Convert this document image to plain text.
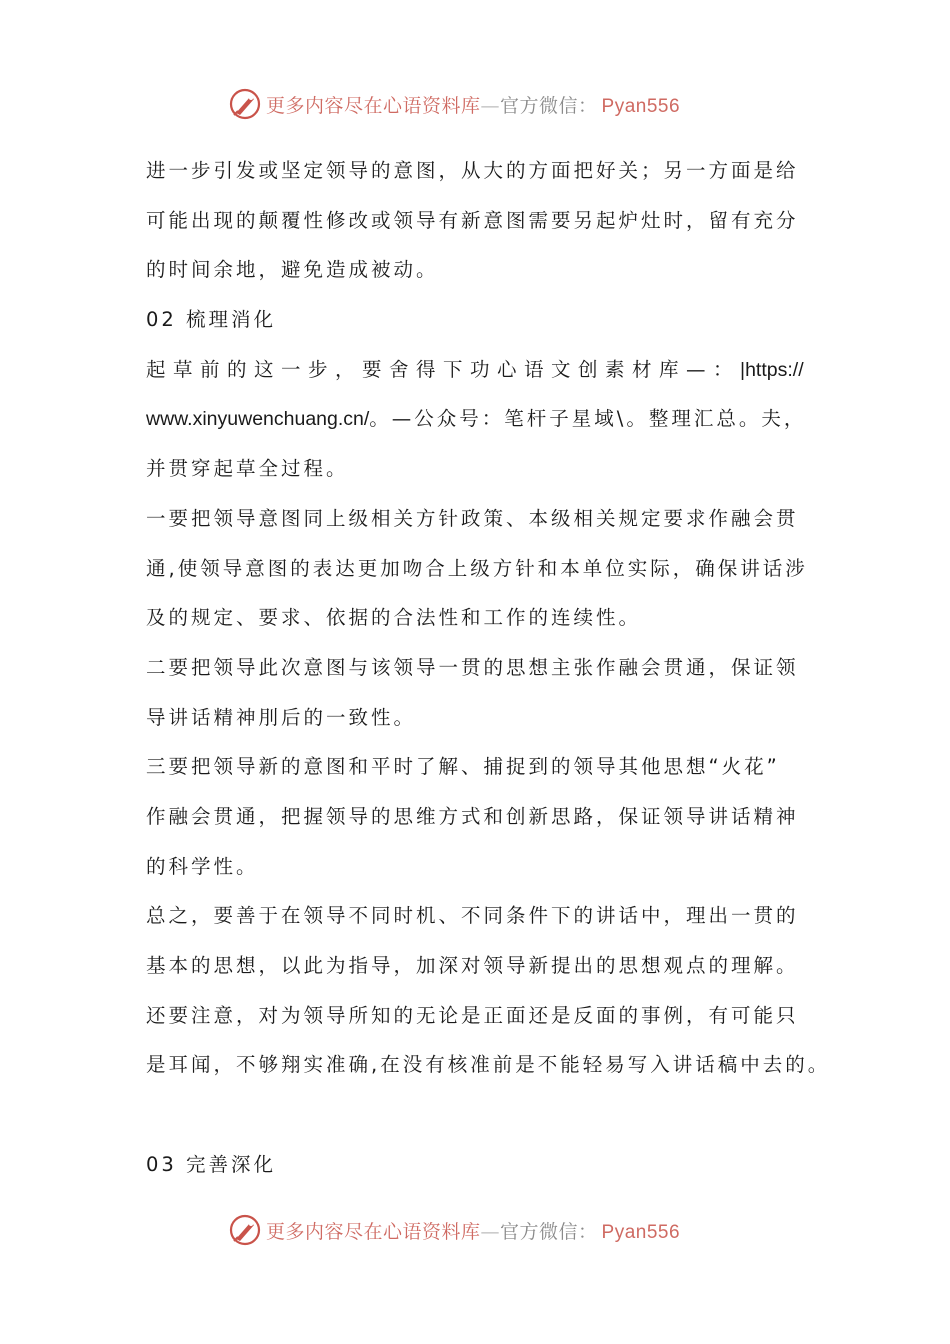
更多内容尽在心语资料库—官方微信： Pyan556
进一步引发或坚定领导的意图，从大的方面把好关；另一方面是给
可能出现的颠覆性修改或领导有新意图需要另起炉灶时，留有充分
的时间余地，避免造成被动。
02 梳理消化
起草前的这一步，要舍得下功心语文创素材库—：|https://
www.xinyuwenchuang.cn/。—公众号：笔杆子星域\。整理汇总。夫，
并贯穿起草全过程。
一要把领导意图同上级相关方针政策、本级相关规定要求作融会贯
通,使领导意图的表达更加吻合上级方针和本单位实际，确保讲话涉
及的规定、要求、依据的合法性和工作的连续性。
二要把领导此次意图与该领导一贯的思想主张作融会贯通，保证领
导讲话精神刖后的一致性。
三要把领导新的意图和平时了解、捕捉到的领导其他思想“火花”
作融会贯通，把握领导的思维方式和创新思路，保证领导讲话精神
的科学性。
总之，要善于在领导不同时机、不同条件下的讲话中，理出一贯的
基本的思想，以此为指导，加深对领导新提出的思想观点的理解。
还要注意，对为领导所知的无论是正面还是反面的事例，有可能只
是耳闻，不够翔实准确,在没有核准前是不能轻易写入讲话稿中去的。
03 完善深化
更多内容尽在心语资料库—官方微信： Pyan556
